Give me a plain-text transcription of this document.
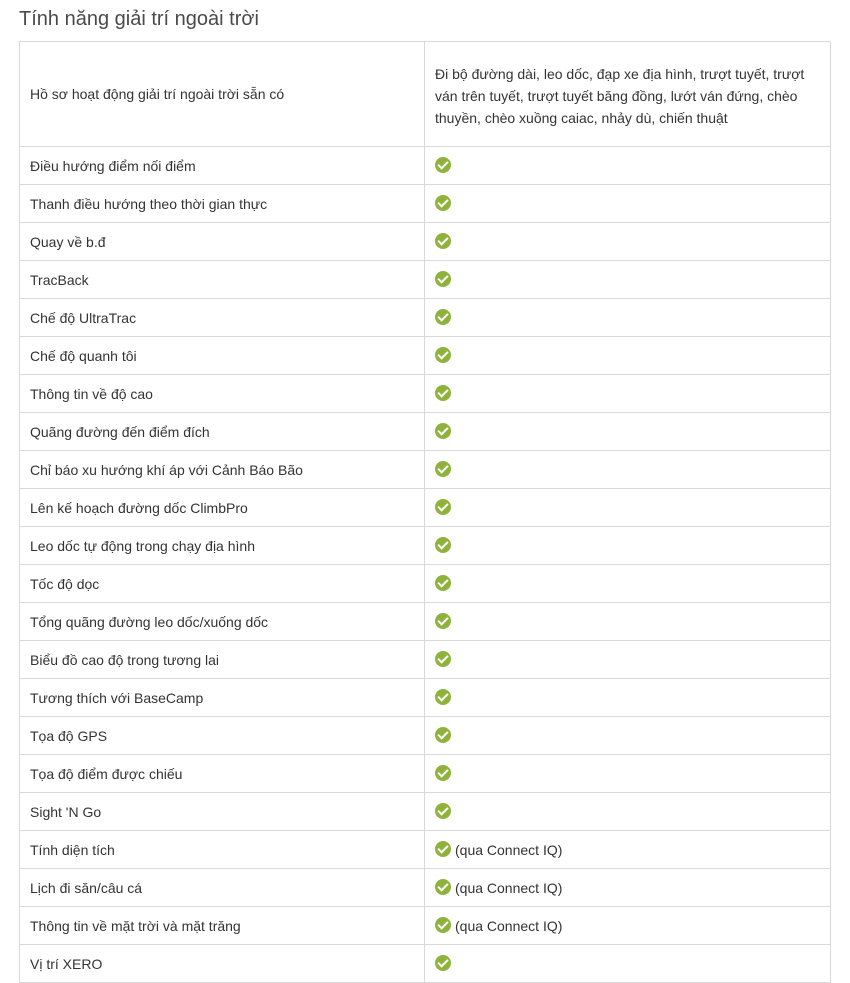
Tính năng giải trí ngoài trời
Hồ sơ hoạt động giải trí ngoài trời sẵn có	Đi bộ đường dài, leo dốc, đạp xe địa hình, trượt tuyết, trượt ván trên tuyết, trượt tuyết băng đồng, lướt ván đứng, chèo thuyền, chèo xuồng caiac, nhảy dù, chiến thuật
Điều hướng điểm nối điểm	
Thanh điều hướng theo thời gian thực	
Quay về b.đ	
TracBack	
Chế độ UltraTrac	
Chế độ quanh tôi	
Thông tin về độ cao	
Quãng đường đến điểm đích	
Chỉ báo xu hướng khí áp với Cảnh Báo Bão	
Lên kế hoạch đường dốc ClimbPro	
Leo dốc tự động trong chạy địa hình	
Tốc độ dọc	
Tổng quãng đường leo dốc/xuống dốc	
Biểu đồ cao độ trong tương lai	
Tương thích với BaseCamp	
Tọa độ GPS	
Tọa độ điểm được chiếu	
Sight 'N Go	
Tính diện tích	(qua Connect IQ)
Lịch đi săn/câu cá	(qua Connect IQ)
Thông tin về mặt trời và mặt trăng	(qua Connect IQ)
Vị trí XERO	
